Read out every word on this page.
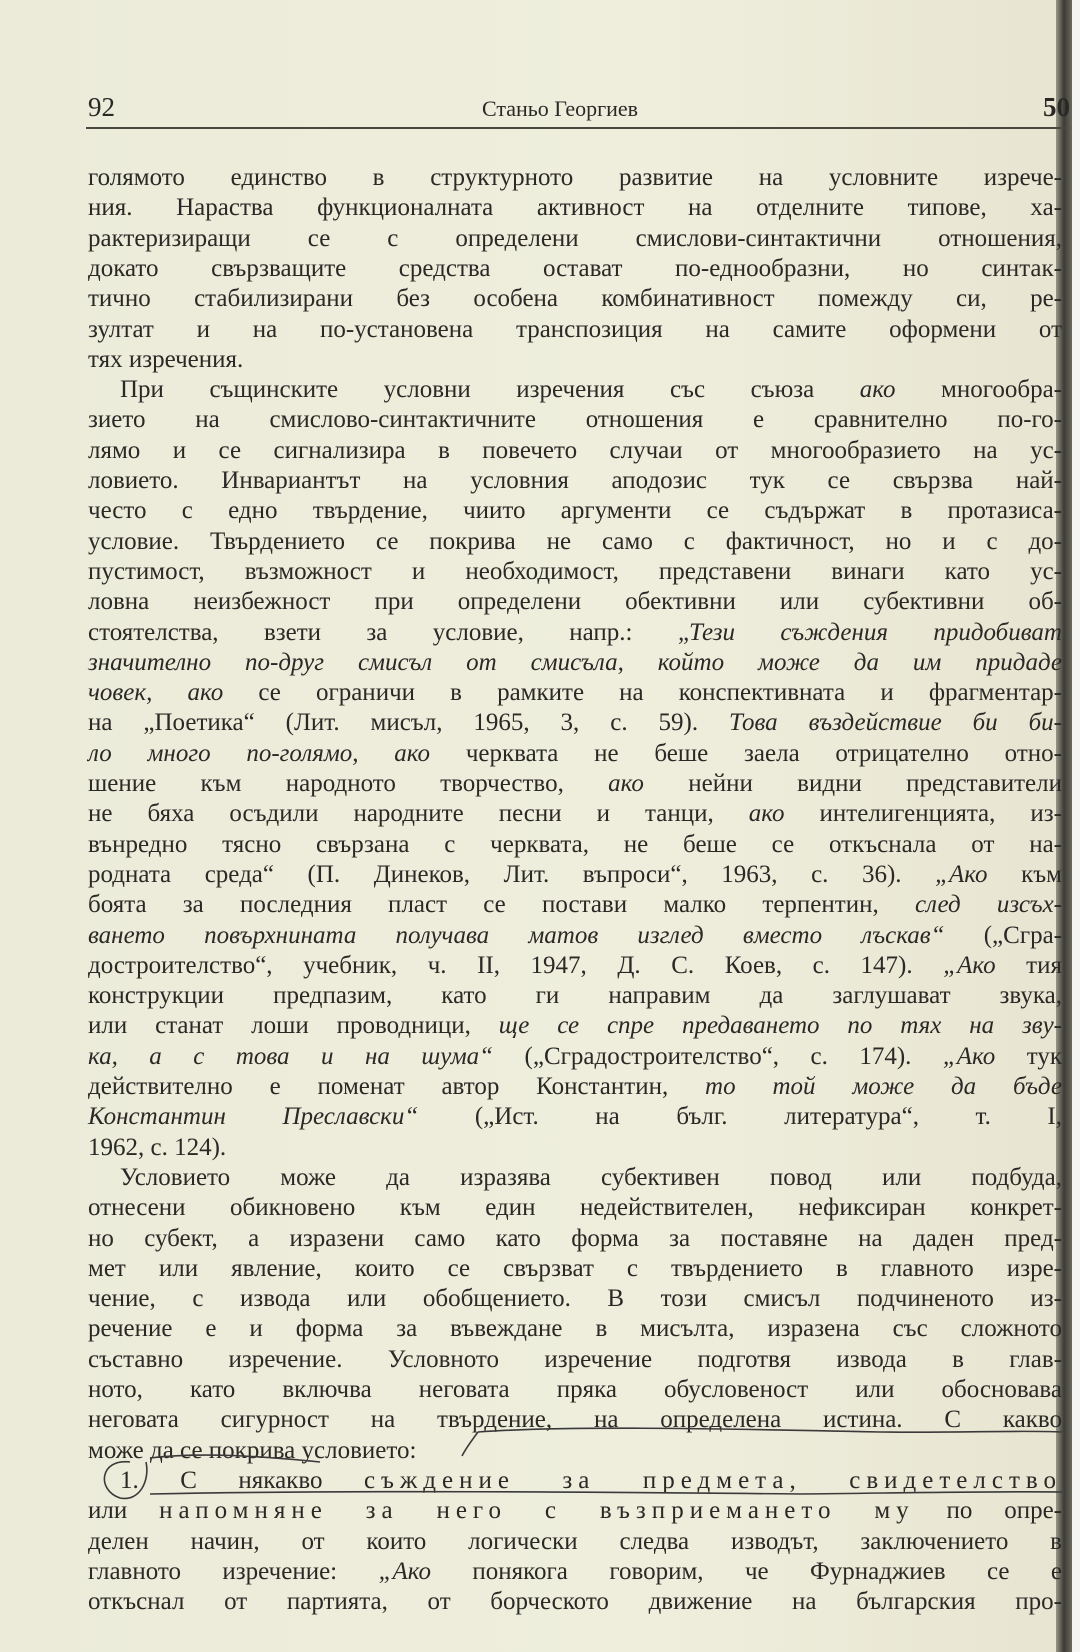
92	Станьо Георгиев	50
голямото единство в структурното развитие на условните изрече-
ния. Нараства функционалната активност на отделните типове, ха-
рактеризиращи се с определени смислови-синтактични отношения,
докато свързващите средства остават по-еднообразни, но синтак-
тично стабилизирани без особена комбинативност помежду си, ре-
зултат и на по-установена транспозиция на самите оформени от
тях изречения.
При същинските условни изречения със съюза ако многообра-
зието на смислово-синтактичните отношения е сравнително по-го-
лямо и се сигнализира в повечето случаи от многообразието на ус-
ловието. Инвариантът на условния аподозис тук се свързва най-
често с едно твърдение, чиито аргументи се съдържат в протазиса-
условие. Твърдението се покрива не само с фактичност, но и с до-
пустимост, възможност и необходимост, представени винаги като ус-
ловна неизбежност при определени обективни или субективни об-
стоятелства, взети за условие, напр.: „Тези съждения придобиват
значително по-друг смисъл от смисъла, който може да им придаде
човек, ако се ограничи в рамките на конспективната и фрагментар-
на „Поетика“ (Лит. мисъл, 1965, 3, с. 59). Това въздействие би би-
ло много по-голямо, ако черквата не беше заела отрицателно отно-
шение към народното творчество, ако нейни видни представители
не бяха осъдили народните песни и танци, ако интелигенцията, из-
вънредно тясно свързана с черквата, не беше се откъснала от на-
родната среда“ (П. Динеков, Лит. въпроси“, 1963, с. 36). „Ако към
боята за последния пласт се постави малко терпентин, след изсъх-
ването повърхнината получава матов изглед вместо лъскав“ („Сгра-
достроителство“, учебник, ч. II, 1947, Д. С. Коев, с. 147). „Ако тия
конструкции предпазим, като ги направим да заглушават звука,
или станат лоши проводници, ще се спре предаването по тях на зву-
ка, а с това и на шума“ („Сградостроителство“, с. 174). „Ако тук
действително е поменат автор Константин, то той може да бъде
Константин Преславски“ („Ист. на бълг. литература“, т. I,
1962, с. 124).
Условието може да изразява субективен повод или подбуда,
отнесени обикновено към един недействителен, нефиксиран конкрет-
но субект, а изразени само като форма за поставяне на даден пред-
мет или явление, които се свързват с твърдението в главното изре-
чение, с извода или обобщението. В този смисъл подчиненото из-
речение е и форма за въвеждане в мисълта, изразена със сложното
съставно изречение. Условното изречение подготвя извода в глав-
ното, като включва неговата пряка обусловеност или обосновава
неговата сигурност на твърдение, на определена истина. С какво
може да се покрива условието:
1. С някакво съждение за предмета, свидетелство
или напомняне за него с възприемането му по опре-
делен начин, от които логически следва изводът, заключението в
главното изречение: „Ако понякога говорим, че Фурнаджиев се е
откъснал от партията, от борческото движение на българския про-
